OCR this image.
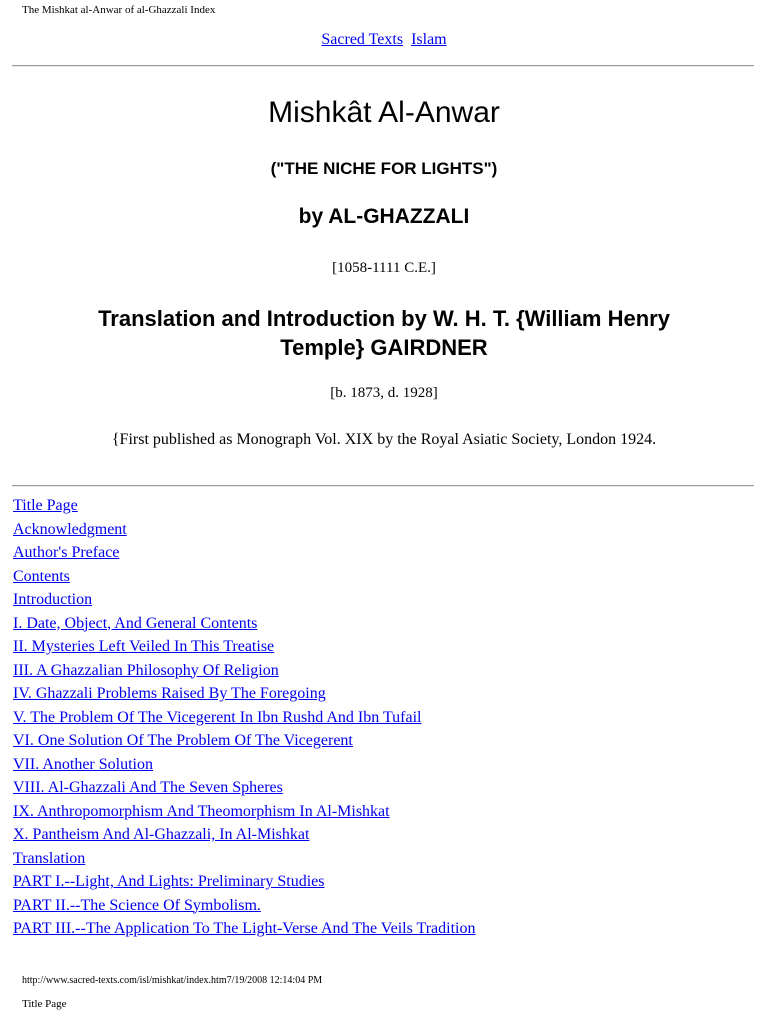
The Mishkat al-Anwar of al-Ghazzali Index
Sacred Texts Islam
Mishkât Al-Anwar
("THE NICHE FOR LIGHTS")
by AL-GHAZZALI
[1058-1111 C.E.]
Translation and Introduction by W. H. T. {William Henry Temple} GAIRDNER
[b. 1873, d. 1928]
{First published as Monograph Vol. XIX by the Royal Asiatic Society, London 1924.
Title Page
Acknowledgment
Author's Preface
Contents
Introduction
I. Date, Object, And General Contents
II. Mysteries Left Veiled In This Treatise
III. A Ghazzalian Philosophy Of Religion
IV. Ghazzali Problems Raised By The Foregoing
V. The Problem Of The Vicegerent In Ibn Rushd And Ibn Tufail
VI. One Solution Of The Problem Of The Vicegerent
VII. Another Solution
VIII. Al-Ghazzali And The Seven Spheres
IX. Anthropomorphism And Theomorphism In Al-Mishkat
X. Pantheism And Al-Ghazzali, In Al-Mishkat
Translation
PART I.--Light, And Lights: Preliminary Studies
PART II.--The Science Of Symbolism.
PART III.--The Application To The Light-Verse And The Veils Tradition
http://www.sacred-texts.com/isl/mishkat/index.htm7/19/2008 12:14:04 PM
Title Page
